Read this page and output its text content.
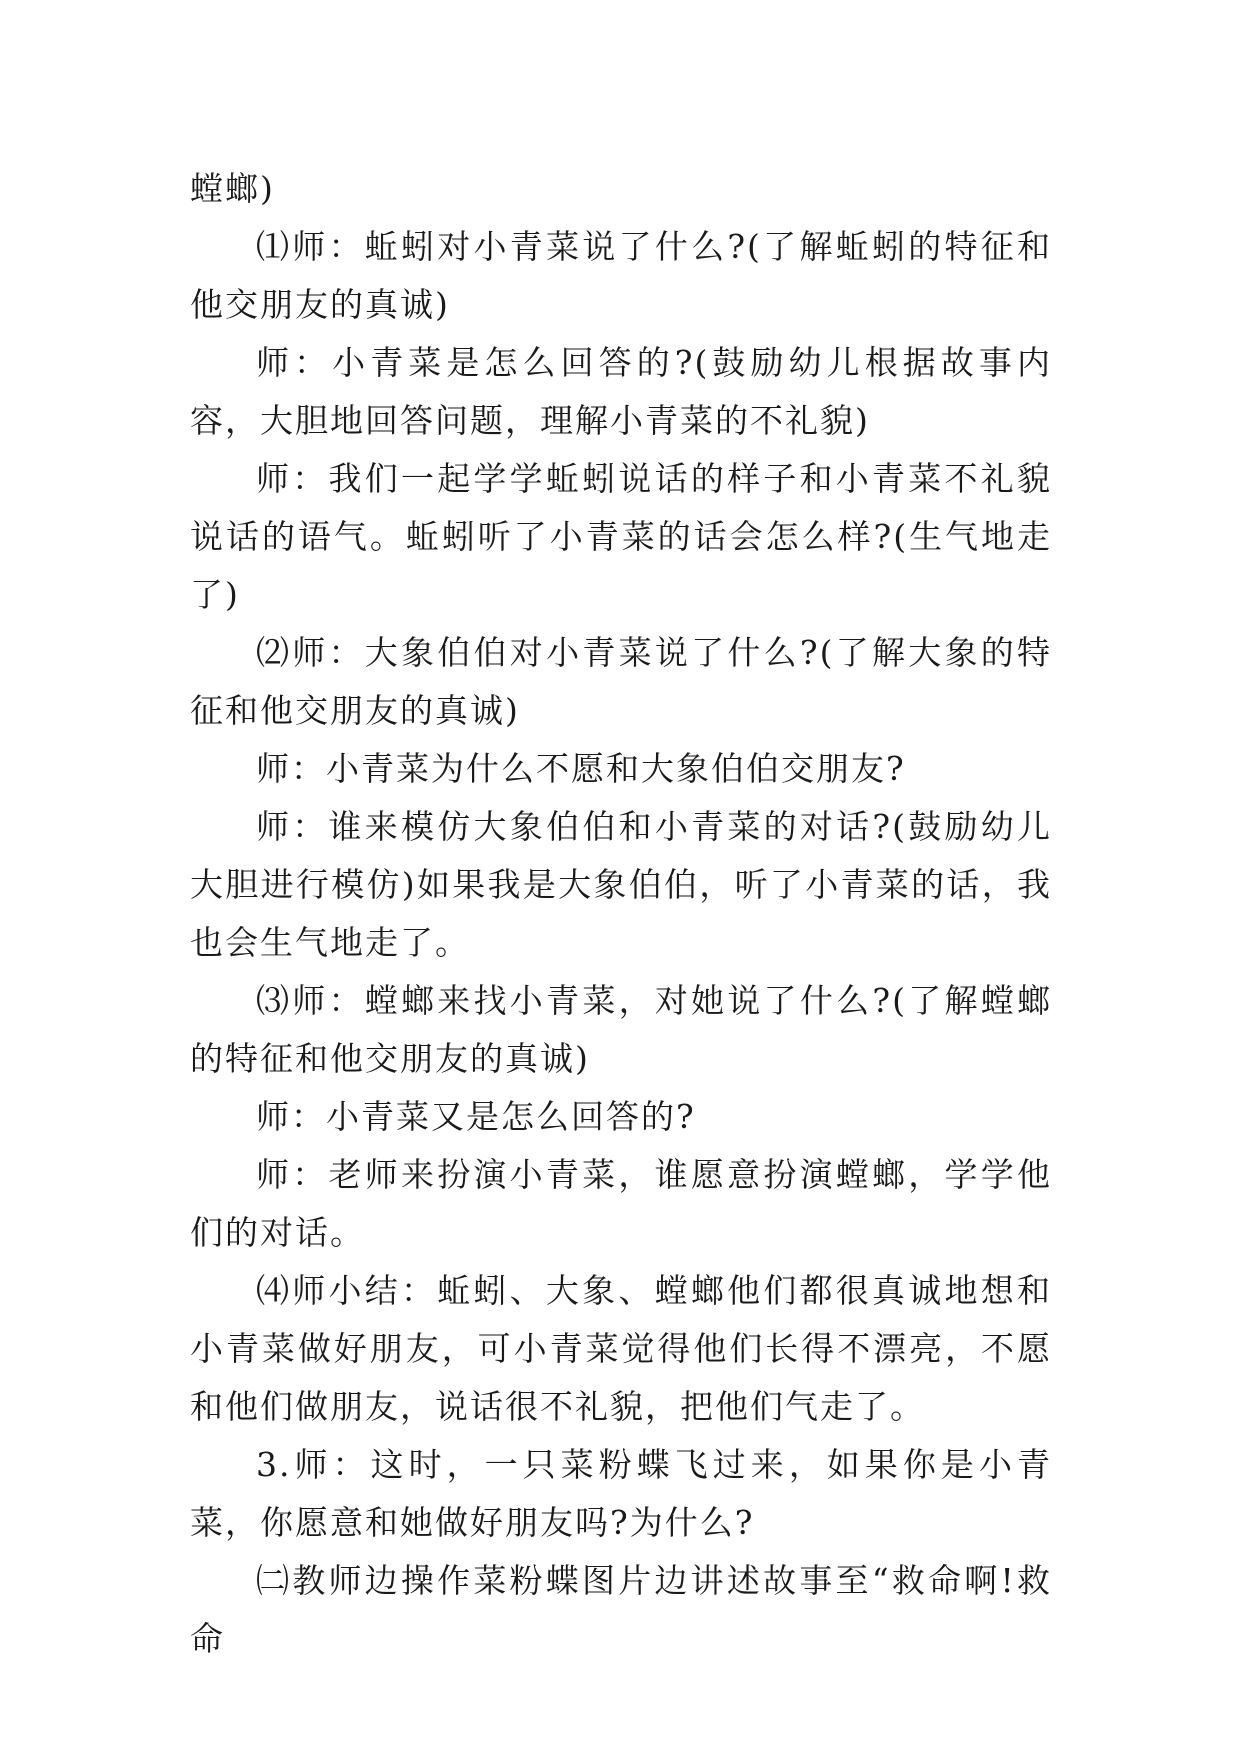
螳螂)

⑴师：蚯蚓对小青菜说了什么?(了解蚯蚓的特征和他交朋友的真诚)

师：小青菜是怎么回答的?(鼓励幼儿根据故事内容，大胆地回答问题，理解小青菜的不礼貌)

师：我们一起学学蚯蚓说话的样子和小青菜不礼貌说话的语气。蚯蚓听了小青菜的话会怎么样?(生气地走了)

⑵师：大象伯伯对小青菜说了什么?(了解大象的特征和他交朋友的真诚)

师：小青菜为什么不愿和大象伯伯交朋友?

师：谁来模仿大象伯伯和小青菜的对话?(鼓励幼儿大胆进行模仿)如果我是大象伯伯，听了小青菜的话，我也会生气地走了。

⑶师：螳螂来找小青菜，对她说了什么?(了解螳螂的特征和他交朋友的真诚)

师：小青菜又是怎么回答的?

师：老师来扮演小青菜，谁愿意扮演螳螂，学学他们的对话。

⑷师小结：蚯蚓、大象、螳螂他们都很真诚地想和小青菜做好朋友，可小青菜觉得他们长得不漂亮，不愿和他们做朋友，说话很不礼貌，把他们气走了。

3.师：这时，一只菜粉蝶飞过来，如果你是小青菜，你愿意和她做好朋友吗?为什么?

㈡教师边操作菜粉蝶图片边讲述故事至“救命啊!救命
